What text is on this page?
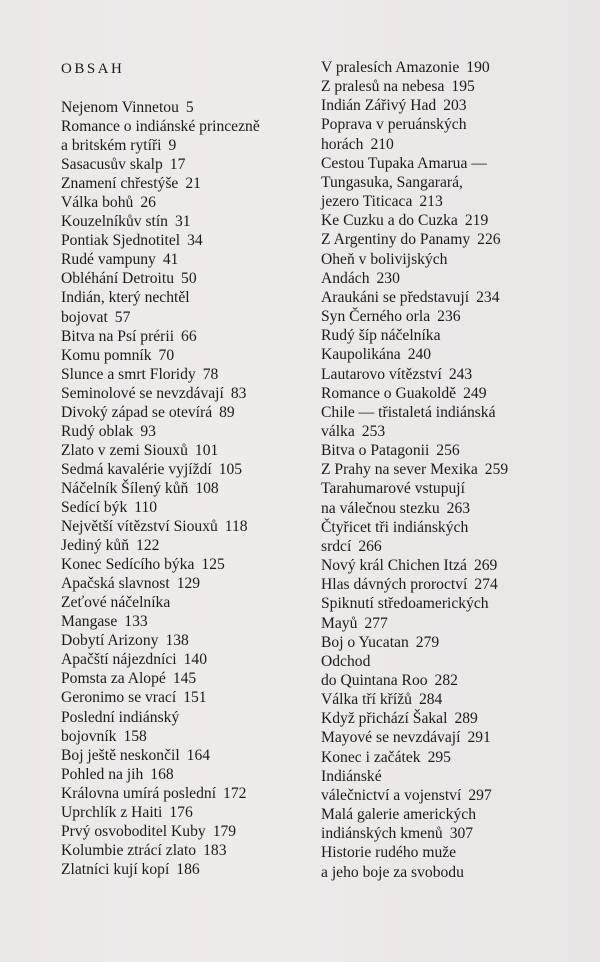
OBSAH
Nejenom Vinnetou 5
Romance o indiánské princezně
a britském rytíři 9
Sasacusův skalp 17
Znamení chřestýše 21
Válka bohů 26
Kouzelníkův stín 31
Pontiak Sjednotitel 34
Rudé vampuny 41
Obléhání Detroitu 50
Indián, který nechtěl
bojovat 57
Bitva na Psí prérii 66
Komu pomník 70
Slunce a smrt Floridy 78
Seminolové se nevzdávají 83
Divoký západ se otevírá 89
Rudý oblak 93
Zlato v zemi Siouxů 101
Sedmá kavalérie vyjíždí 105
Náčelník Šílený kůň 108
Sedící býk 110
Největší vítězství Siouxů 118
Jediný kůň 122
Konec Sedícího býka 125
Apačská slavnost 129
Zeťové náčelníka
Mangase 133
Dobytí Arizony 138
Apačští nájezdníci 140
Pomsta za Alopé 145
Geronimo se vrací 151
Poslední indiánský
bojovník 158
Boj ještě neskončil 164
Pohled na jih 168
Královna umírá poslední 172
Uprchlík z Haiti 176
Prvý osvoboditel Kuby 179
Kolumbie ztrácí zlato 183
Zlatníci kují kopí 186
V pralesích Amazonie 190
Z pralesů na nebesa 195
Indián Zářivý Had 203
Poprava v peruánských
horách 210
Cestou Tupaka Amarua —
Tungasuka, Sangarará,
jezero Titicaca 213
Ke Cuzku a do Cuzka 219
Z Argentiny do Panamy 226
Oheň v bolivijských
Andách 230
Araukáni se představují 234
Syn Černého orla 236
Rudý šíp náčelníka
Kaupolikána 240
Lautarovo vítězství 243
Romance o Guakoldě 249
Chile — třistaletá indiánská
válka 253
Bitva o Patagonii 256
Z Prahy na sever Mexika 259
Tarahumarové vstupují
na válečnou stezku 263
Čtyřicet tři indiánských
srdcí 266
Nový král Chichen Itzá 269
Hlas dávných proroctví 274
Spiknutí středoamerických
Mayů 277
Boj o Yucatan 279
Odchod
do Quintana Roo 282
Válka tří křížů 284
Když přichází Šakal 289
Mayové se nevzdávají 291
Konec i začátek 295
Indiánské
válečnictví a vojenství 297
Malá galerie amerických
indiánských kmenů 307
Historie rudého muže
a jeho boje za svobodu
